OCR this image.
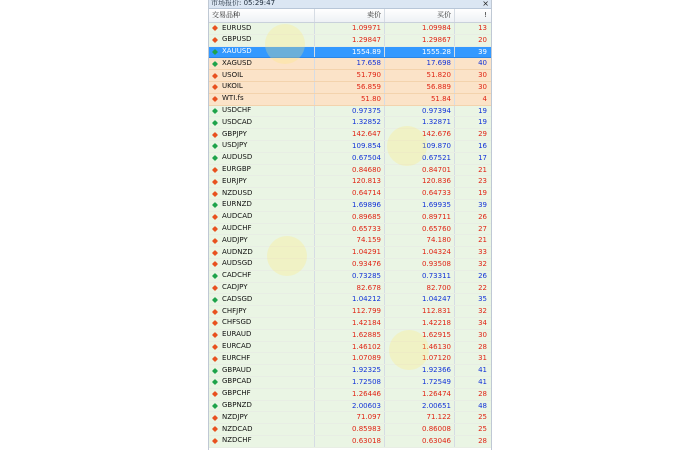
市场报价: 05:29:47	×
交易品种	卖价	买价	!
EURUSD	1.09971	1.09984	13
GBPUSD	1.29847	1.29867	20
XAUUSD	1554.89	1555.28	39
XAGUSD	17.658	17.698	40
USOIL	51.790	51.820	30
UKOIL	56.859	56.889	30
WTI.fs	51.80	51.84	4
USDCHF	0.97375	0.97394	19
USDCAD	1.32852	1.32871	19
GBPJPY	142.647	142.676	29
USDJPY	109.854	109.870	16
AUDUSD	0.67504	0.67521	17
EURGBP	0.84680	0.84701	21
EURJPY	120.813	120.836	23
NZDUSD	0.64714	0.64733	19
EURNZD	1.69896	1.69935	39
AUDCAD	0.89685	0.89711	26
AUDCHF	0.65733	0.65760	27
AUDJPY	74.159	74.180	21
AUDNZD	1.04291	1.04324	33
AUDSGD	0.93476	0.93508	32
CADCHF	0.73285	0.73311	26
CADJPY	82.678	82.700	22
CADSGD	1.04212	1.04247	35
CHFJPY	112.799	112.831	32
CHFSGD	1.42184	1.42218	34
EURAUD	1.62885	1.62915	30
EURCAD	1.46102	1.46130	28
EURCHF	1.07089	1.07120	31
GBPAUD	1.92325	1.92366	41
GBPCAD	1.72508	1.72549	41
GBPCHF	1.26446	1.26474	28
GBPNZD	2.00603	2.00651	48
NZDJPY	71.097	71.122	25
NZDCAD	0.85983	0.86008	25
NZDCHF	0.63018	0.63046	28
